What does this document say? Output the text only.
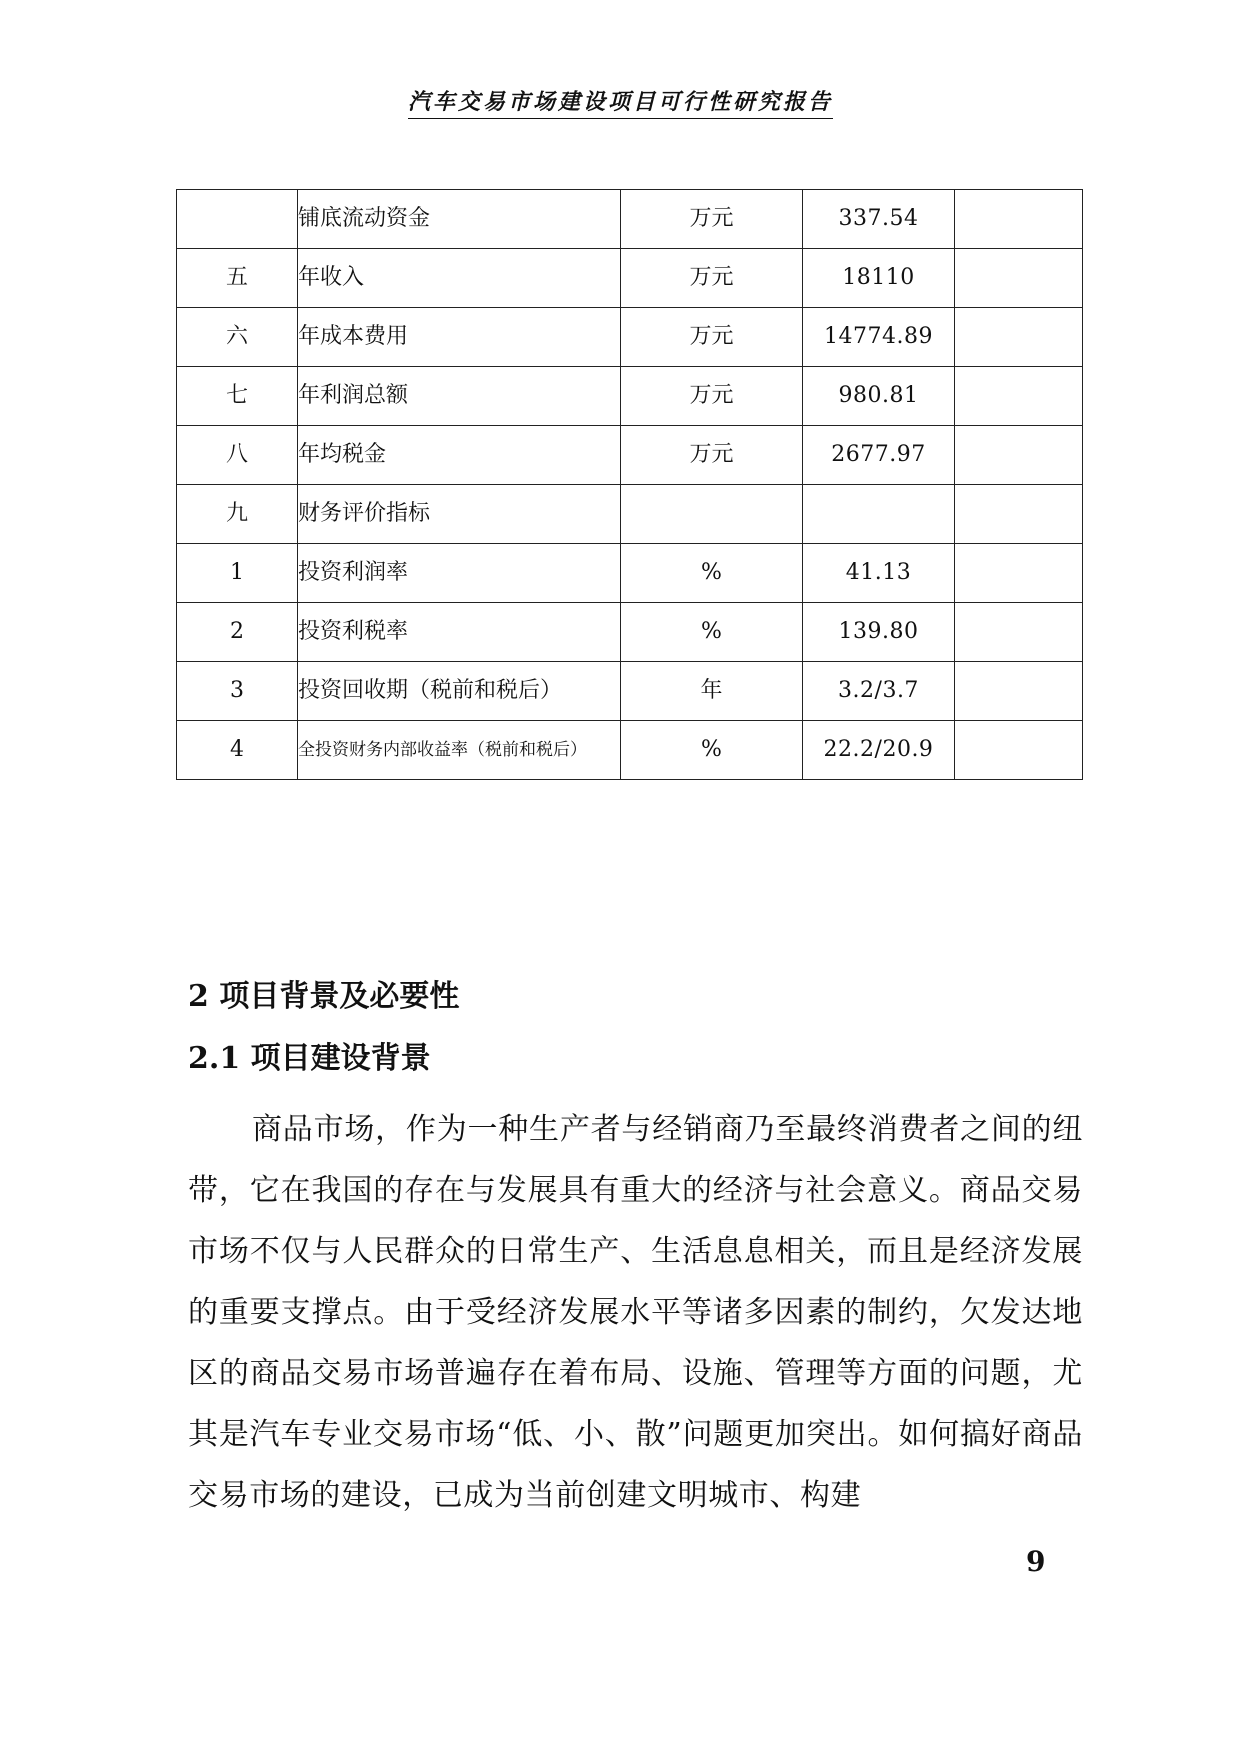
汽车交易市场建设项目可行性研究报告
	铺底流动资金	万元	337.54	
五	年收入	万元	18110	
六	年成本费用	万元	14774.89	
七	年利润总额	万元	980.81	
八	年均税金	万元	2677.97	
九	财务评价指标			
1	投资利润率	%	41.13	
2	投资利税率	%	139.80	
3	投资回收期（税前和税后）	年	3.2/3.7	
4	全投资财务内部收益率（税前和税后）	%	22.2/20.9	
2 项目背景及必要性
2.1 项目建设背景

商品市场，作为一种生产者与经销商乃至最终消费者之间的纽带，它在我国的存在与发展具有重大的经济与社会意义。商品交易市场不仅与人民群众的日常生产、生活息息相关，而且是经济发展的重要支撑点。由于受经济发展水平等诸多因素的制约，欠发达地区的商品交易市场普遍存在着布局、设施、管理等方面的问题，尤其是汽车专业交易市场“低、小、散”问题更加突出。如何搞好商品交易市场的建设，已成为当前创建文明城市、构建

9
